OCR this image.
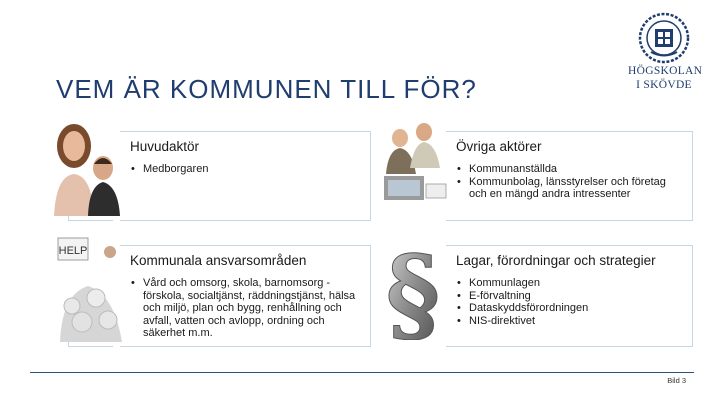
VEM ÄR KOMMUNEN TILL FÖR?
HÖGSKOLAN
I SKÖVDE
Huvudaktör
• Medborgaren
Övriga aktörer
• Kommunanställda
• Kommunbolag, länsstyrelser och företag och en mängd andra intressenter
HELP
Kommunala ansvarsområden
• Vård och omsorg, skola, barnomsorg - förskola, socialtjänst, räddningstjänst, hälsa och miljö, plan och bygg, renhållning och avfall, vatten och avlopp, ordning och säkerhet m.m.	§ Lagar, förordningar och strategier
• Kommunlagen
• E-förvaltning
• Dataskyddsförordningen
• NIS-direktivet
Bild 3
